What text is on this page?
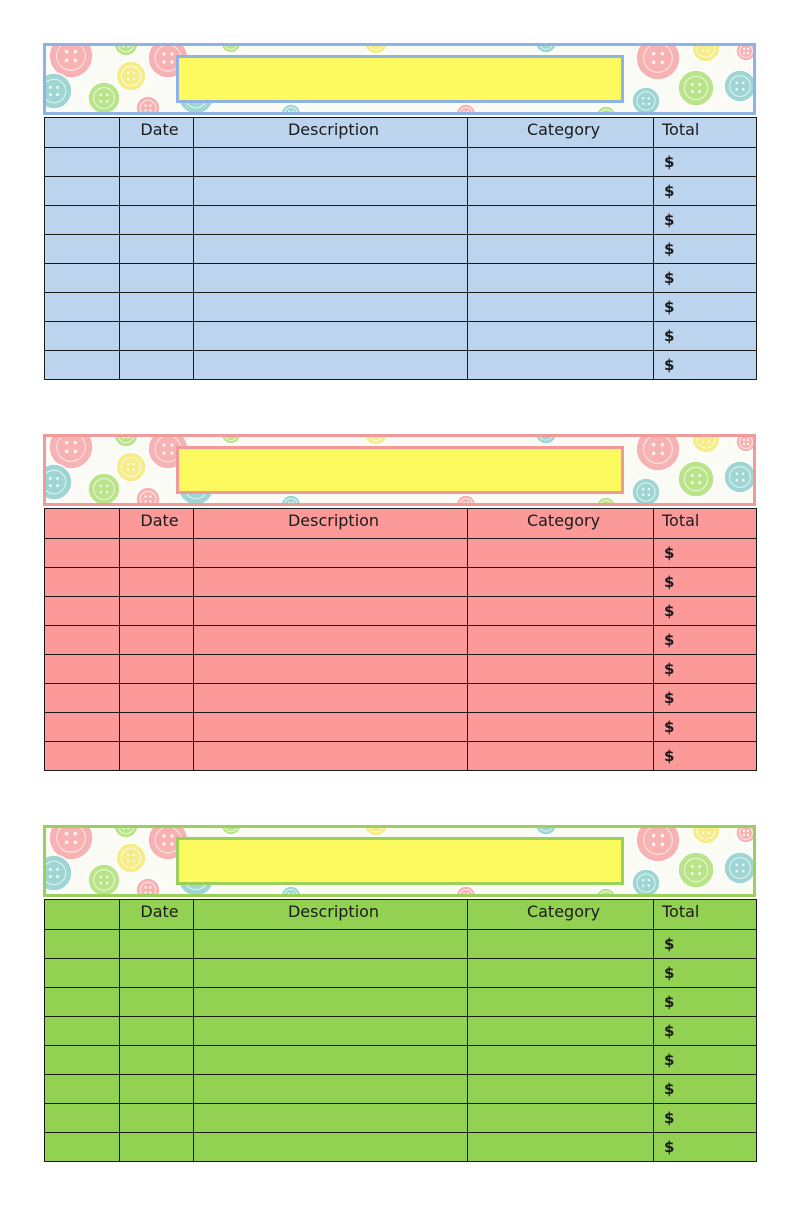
	Date	Description	Category	Total
				$
				$
				$
				$
				$
				$
				$
				$
	Date	Description	Category	Total
				$
				$
				$
				$
				$
				$
				$
				$
	Date	Description	Category	Total
				$
				$
				$
				$
				$
				$
				$
				$
